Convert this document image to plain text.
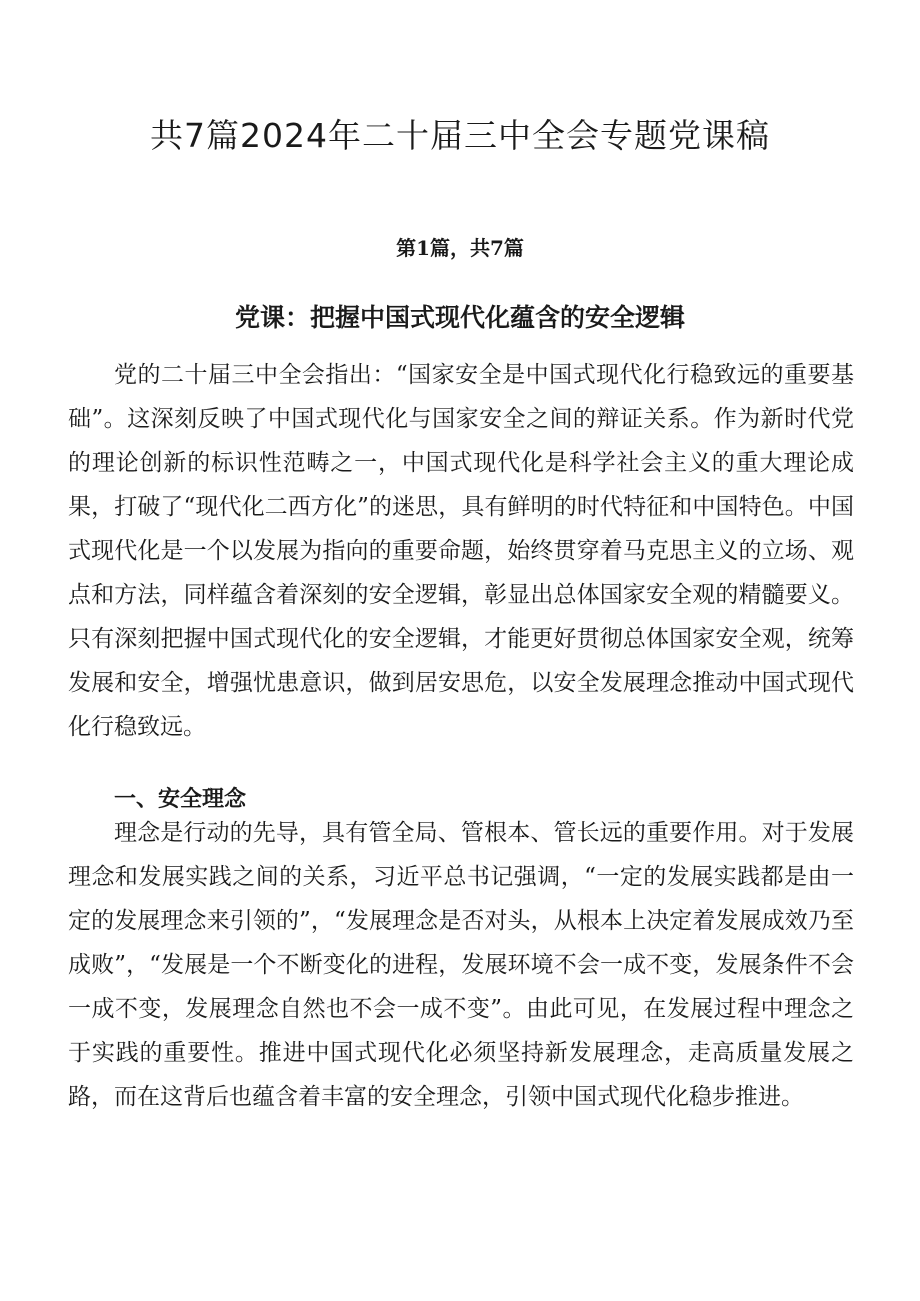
共7篇2024年二十届三中全会专题党课稿
第1篇，共7篇
党课：把握中国式现代化蕴含的安全逻辑

党的二十届三中全会指出：“国家安全是中国式现代化行稳致远的重要基础”。这深刻反映了中国式现代化与国家安全之间的辩证关系。作为新时代党的理论创新的标识性范畴之一，中国式现代化是科学社会主义的重大理论成果，打破了“现代化二西方化”的迷思，具有鲜明的时代特征和中国特色。中国式现代化是一个以发展为指向的重要命题，始终贯穿着马克思主义的立场、观点和方法，同样蕴含着深刻的安全逻辑，彰显出总体国家安全观的精髓要义。只有深刻把握中国式现代化的安全逻辑，才能更好贯彻总体国家安全观，统筹发展和安全，增强忧患意识，做到居安思危，以安全发展理念推动中国式现代化行稳致远。

一、安全理念

理念是行动的先导，具有管全局、管根本、管长远的重要作用。对于发展理念和发展实践之间的关系，习近平总书记强调，“一定的发展实践都是由一定的发展理念来引领的”，“发展理念是否对头，从根本上决定着发展成效乃至成败”，“发展是一个不断变化的进程，发展环境不会一成不变，发展条件不会一成不变，发展理念自然也不会一成不变”。由此可见，在发展过程中理念之于实践的重要性。推进中国式现代化必须坚持新发展理念，走高质量发展之路，而在这背后也蕴含着丰富的安全理念，引领中国式现代化稳步推进。
